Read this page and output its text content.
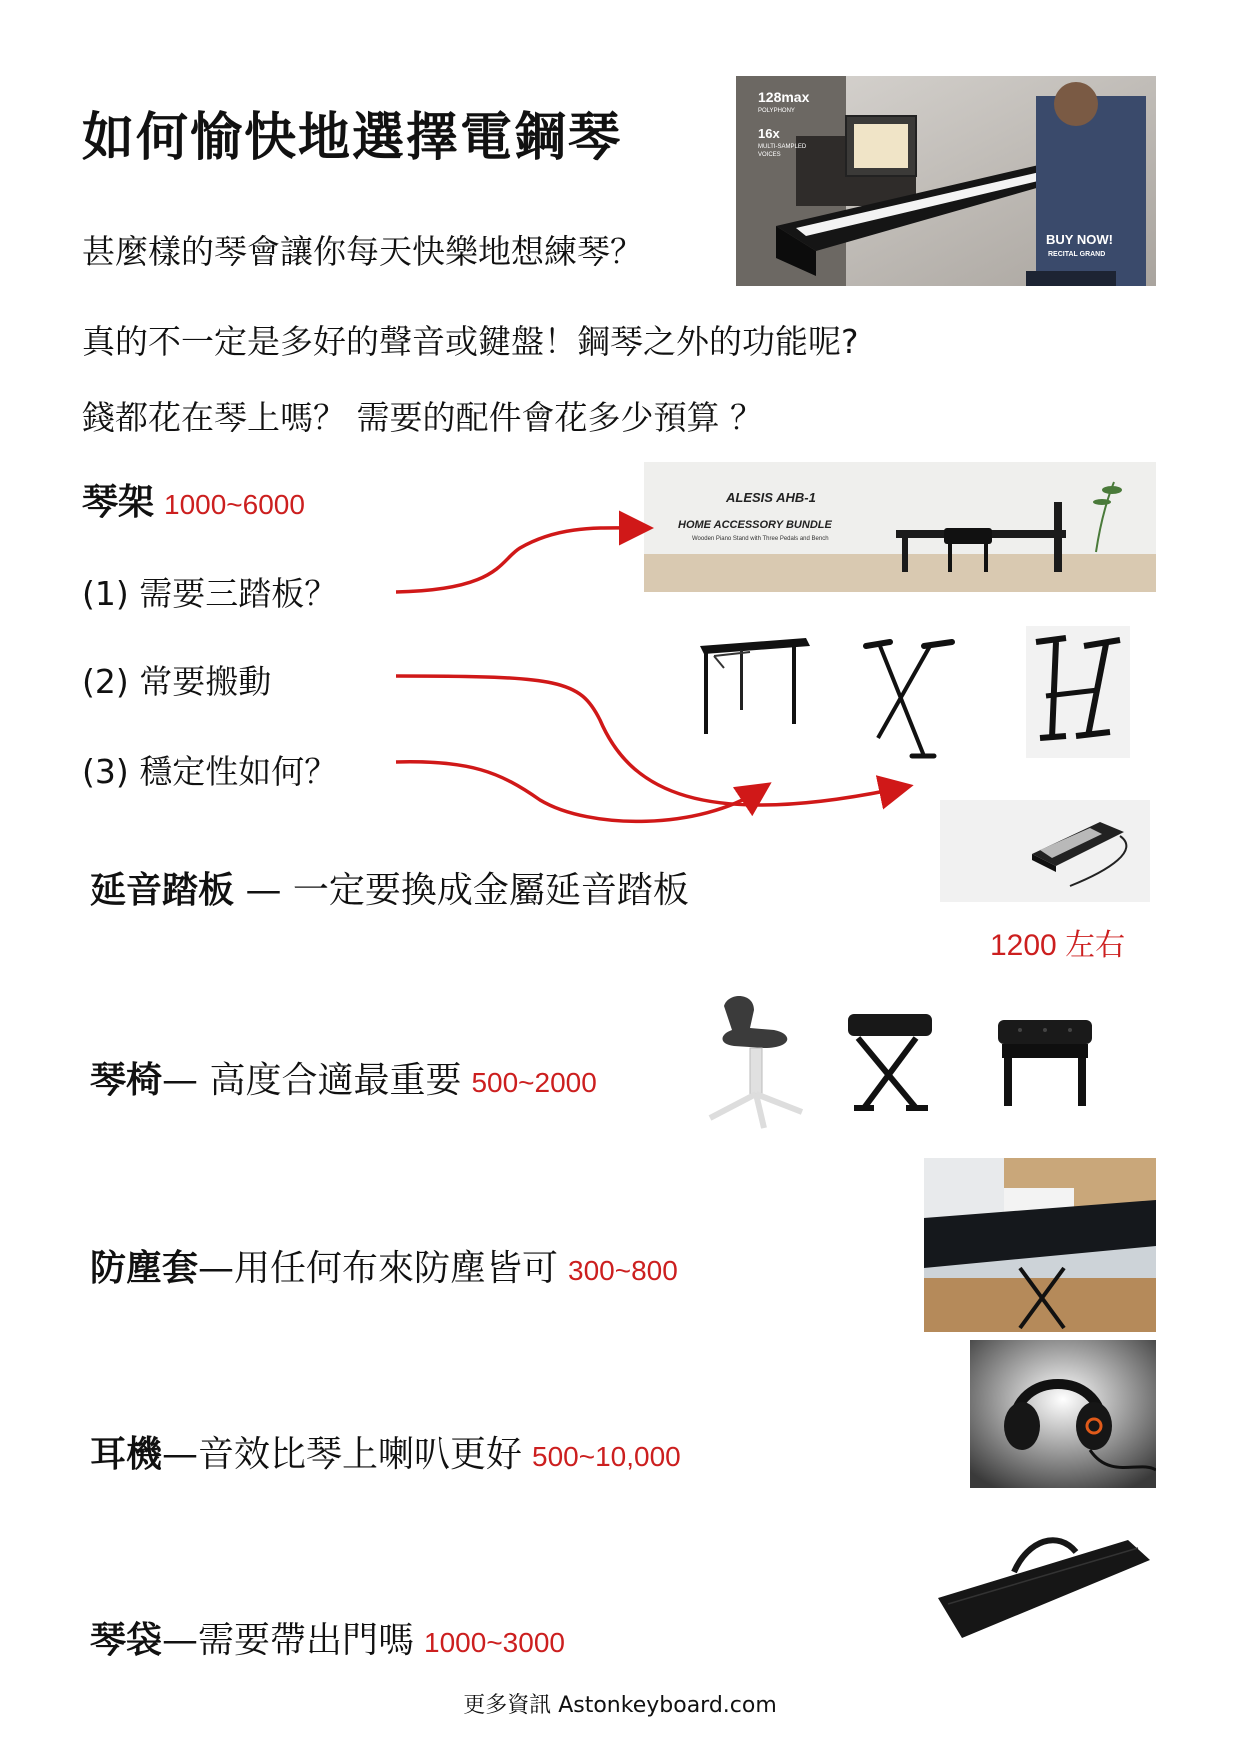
如何愉快地選擇電鋼琴
甚麼樣的琴會讓你每天快樂地想練琴？
真的不一定是多好的聲音或鍵盤！鋼琴之外的功能呢?
錢都花在琴上嗎？ 需要的配件會花多少預算 ？
128max
POLYPHONY
16x
MULTI-SAMPLED
VOICES
BUY NOW!
RECITAL GRAND
琴架 1000~6000
(1) 需要三踏板？
(2) 常要搬動
(3) 穩定性如何？
ALESIS AHB-1
HOME ACCESSORY BUNDLE
Wooden Piano Stand with Three Pedals and Bench
延音踏板 — 一定要換成金屬延音踏板
1200 左右
琴椅— 高度合適最重要 500~2000
防塵套—用任何布來防塵皆可 300~800
耳機—音效比琴上喇叭更好 500~10,000
琴袋—需要帶出門嗎 1000~3000
更多資訊 Astonkeyboard.com
